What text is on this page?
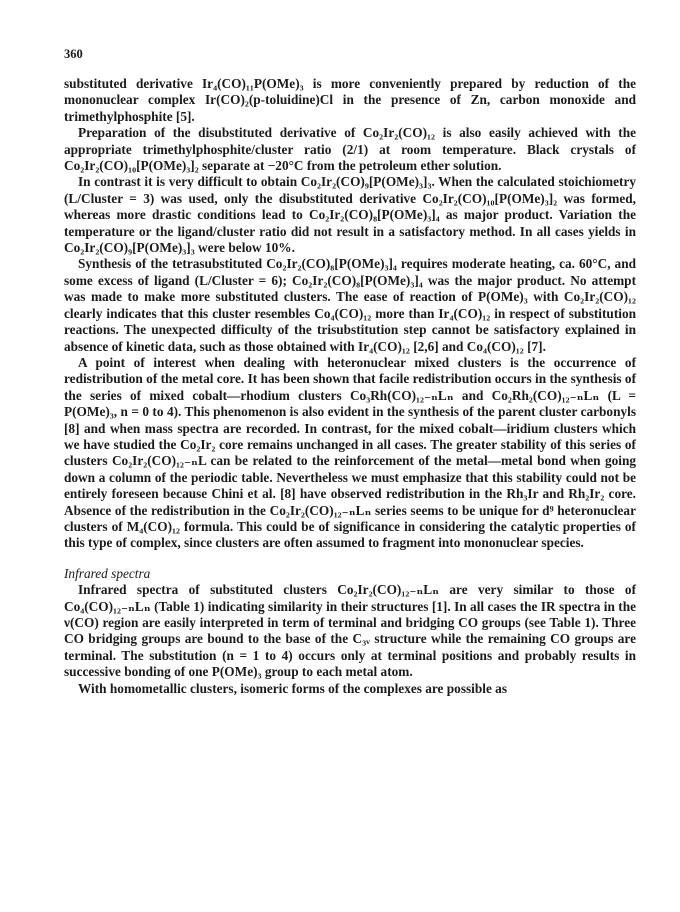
360

substituted derivative Ir₄(CO)₁₁P(OMe)₃ is more conveniently prepared by reduction of the mononuclear complex Ir(CO)₂(p-toluidine)Cl in the presence of Zn, carbon monoxide and trimethylphosphite [5].

Preparation of the disubstituted derivative of Co₂Ir₂(CO)₁₂ is also easily achieved with the appropriate trimethylphosphite/cluster ratio (2/1) at room temperature. Black crystals of Co₂Ir₂(CO)₁₀[P(OMe)₃]₂ separate at −20°C from the petroleum ether solution.

In contrast it is very difficult to obtain Co₂Ir₂(CO)₉[P(OMe)₃]₃. When the calculated stoichiometry (L/Cluster = 3) was used, only the disubstituted derivative Co₂Ir₂(CO)₁₀[P(OMe)₃]₂ was formed, whereas more drastic conditions lead to Co₂Ir₂(CO)₈[P(OMe)₃]₄ as major product. Variation the temperature or the ligand/cluster ratio did not result in a satisfactory method. In all cases yields in Co₂Ir₂(CO)₉[P(OMe)₃]₃ were below 10%.

Synthesis of the tetrasubstituted Co₂Ir₂(CO)₈[P(OMe)₃]₄ requires moderate heating, ca. 60°C, and some excess of ligand (L/Cluster = 6); Co₂Ir₂(CO)₈[P(OMe)₃]₄ was the major product. No attempt was made to make more substituted clusters. The ease of reaction of P(OMe)₃ with Co₂Ir₂(CO)₁₂ clearly indicates that this cluster resembles Co₄(CO)₁₂ more than Ir₄(CO)₁₂ in respect of substitution reactions. The unexpected difficulty of the trisubstitution step cannot be satisfactory explained in absence of kinetic data, such as those obtained with Ir₄(CO)₁₂ [2,6] and Co₄(CO)₁₂ [7].

A point of interest when dealing with heteronuclear mixed clusters is the occurrence of redistribution of the metal core. It has been shown that facile redistribution occurs in the synthesis of the series of mixed cobalt—rhodium clusters Co₃Rh(CO)₁₂₋ₙLₙ and Co₂Rh₂(CO)₁₂₋ₙLₙ (L = P(OMe)₃, n = 0 to 4). This phenomenon is also evident in the synthesis of the parent cluster carbonyls [8] and when mass spectra are recorded. In contrast, for the mixed cobalt—iridium clusters which we have studied the Co₂Ir₂ core remains unchanged in all cases. The greater stability of this series of clusters Co₂Ir₂(CO)₁₂₋ₙL can be related to the reinforcement of the metal—metal bond when going down a column of the periodic table. Nevertheless we must emphasize that this stability could not be entirely foreseen because Chini et al. [8] have observed redistribution in the Rh₃Ir and Rh₂Ir₂ core. Absence of the redistribution in the Co₂Ir₂(CO)₁₂₋ₙLₙ series seems to be unique for d⁹ heteronuclear clusters of M₄(CO)₁₂ formula. This could be of significance in considering the catalytic properties of this type of complex, since clusters are often assumed to fragment into mononuclear species.

Infrared spectra

Infrared spectra of substituted clusters Co₂Ir₂(CO)₁₂₋ₙLₙ are very similar to those of Co₄(CO)₁₂₋ₙLₙ (Table 1) indicating similarity in their structures [1]. In all cases the IR spectra in the ν(CO) region are easily interpreted in term of terminal and bridging CO groups (see Table 1). Three CO bridging groups are bound to the base of the C₃ᵥ structure while the remaining CO groups are terminal. The substitution (n = 1 to 4) occurs only at terminal positions and probably results in successive bonding of one P(OMe)₃ group to each metal atom.

With homometallic clusters, isomeric forms of the complexes are possible as
